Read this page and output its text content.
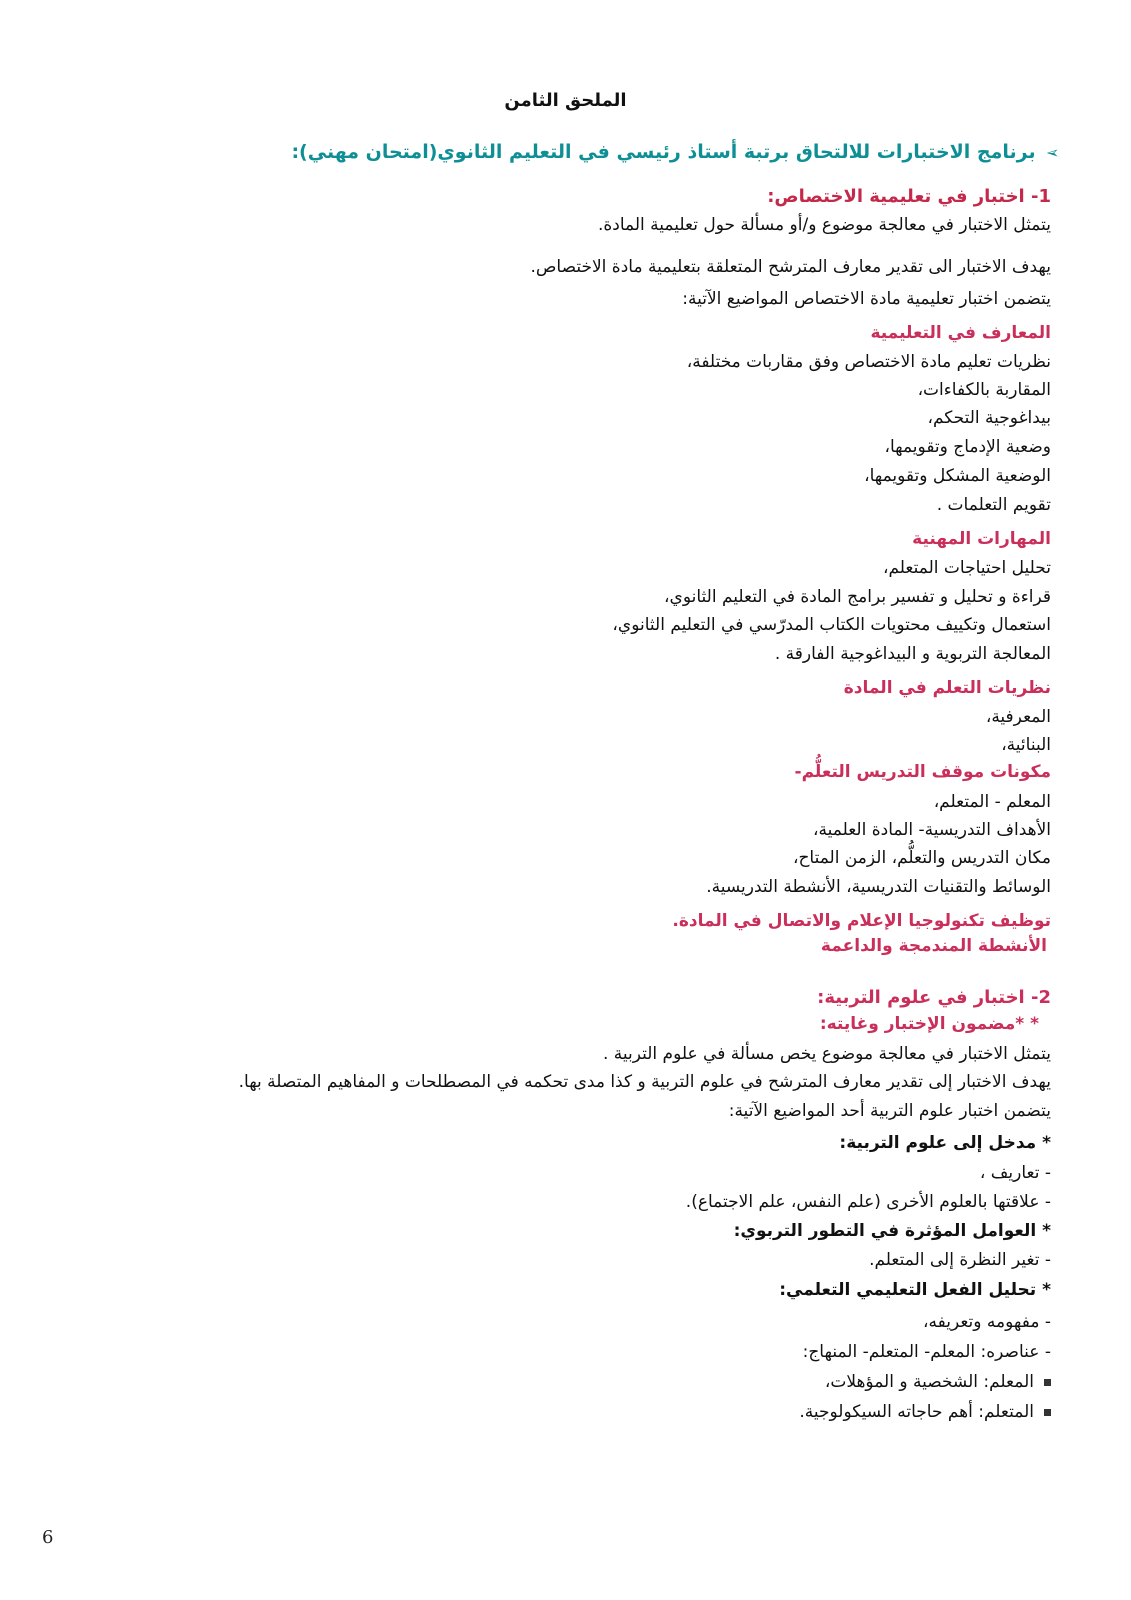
الملحق الثامن
➢برنامج الاختبارات للالتحاق برتبة أستاذ رئيسي في التعليم الثانوي(امتحان مهني):
1- اختبار في تعليمية الاختصاص:
يتمثل الاختبار في معالجة موضوع و/أو مسألة حول تعليمية المادة.
يهدف الاختبار الى تقدير معارف المترشح المتعلقة بتعليمية مادة الاختصاص.
يتضمن اختبار تعليمية مادة الاختصاص المواضيع الآتية:
المعارف في التعليمية
نظريات تعليم مادة الاختصاص وفق مقاربات مختلفة،
المقاربة بالكفاءات،
بيداغوجية التحكم،
وضعية الإدماج وتقويمها،
الوضعية المشكل وتقويمها،
تقويم التعلمات .
المهارات المهنية
تحليل احتياجات المتعلم،
قراءة و تحليل و تفسير برامج المادة في التعليم الثانوي،
استعمال وتكييف محتويات الكتاب المدرّسي في التعليم الثانوي،
المعالجة التربوية و البيداغوجية الفارقة .
نظريات التعلم في المادة
المعرفية،
البنائية،
مكونات موقف التدريس التعلُّم-
المعلم - المتعلم،
الأهداف التدريسية- المادة العلمية،
مكان التدريس والتعلُّم، الزمن المتاح،
الوسائط والتقنيات التدريسية، الأنشطة التدريسية.
توظيف تكنولوجيا الإعلام والاتصال في المادة.
الأنشطة المندمجة والداعمة
2- اختبار في علوم التربية:
* *مضمون الإختبار وغايته:
يتمثل الاختبار في معالجة موضوع يخص مسألة في علوم التربية .
يهدف الاختبار إلى تقدير معارف المترشح في علوم التربية و كذا مدى تحكمه في المصطلحات و المفاهيم المتصلة بها.
يتضمن اختبار علوم التربية أحد المواضيع الآتية:
* مدخل إلى علوم التربية:
- تعاريف ،
- علاقتها بالعلوم الأخرى (علم النفس، علم الاجتماع).
* العوامل المؤثرة في التطور التربوي:
- تغير النظرة إلى المتعلم.
* تحليل الفعل التعليمي التعلمي:
- مفهومه وتعريفه،
- عناصره: المعلم- المتعلم- المنهاج:
المعلم: الشخصية و المؤهلات،
المتعلم: أهم حاجاته السيكولوجية.
6
